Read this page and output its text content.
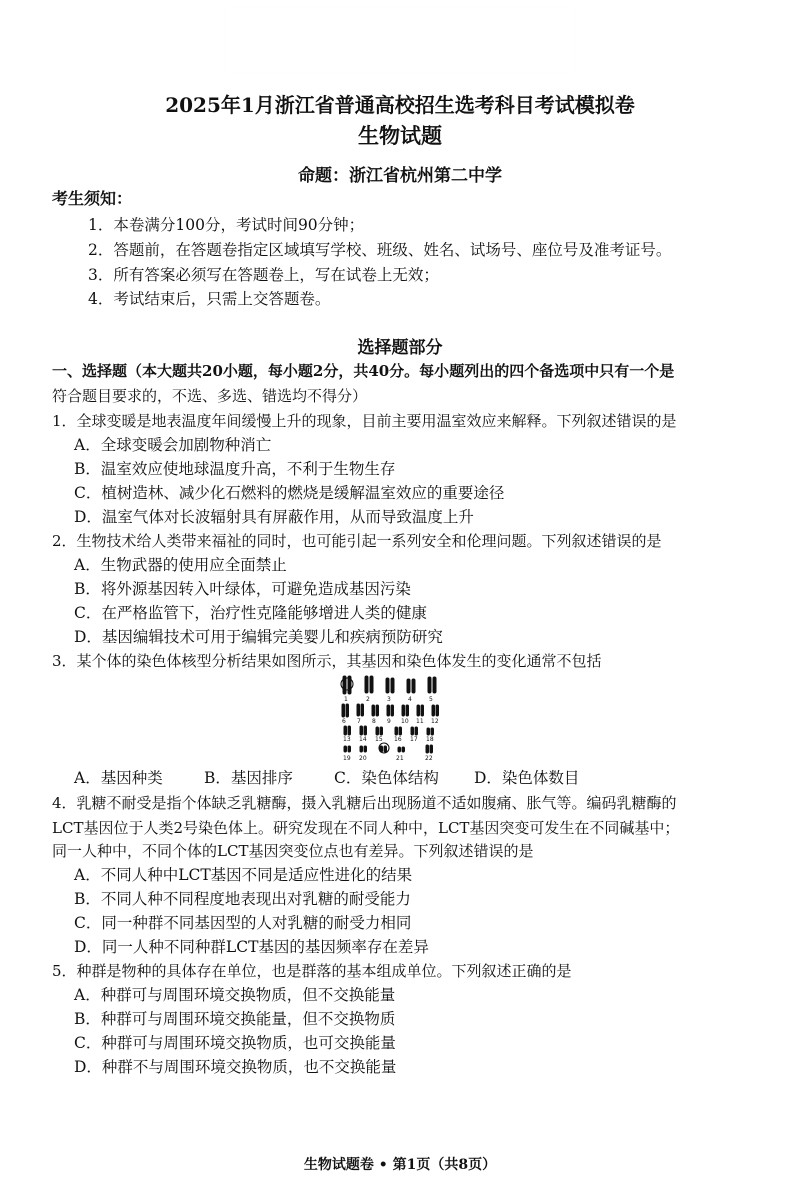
2025年1月浙江省普通高校招生选考科目考试模拟卷
生物试题
命题：浙江省杭州第二中学
考生须知：
1．本卷满分100分，考试时间90分钟；
2．答题前，在答题卷指定区域填写学校、班级、姓名、试场号、座位号及准考证号。
3．所有答案必须写在答题卷上，写在试卷上无效；
4．考试结束后，只需上交答题卷。
选择题部分
一、选择题（本大题共20小题，每小题2分，共40分。每小题列出的四个备选项中只有一个是
符合题目要求的，不选、多选、错选均不得分）
1．全球变暖是地表温度年间缓慢上升的现象，目前主要用温室效应来解释。下列叙述错误的是
A．全球变暖会加剧物种消亡
B．温室效应使地球温度升高，不利于生物生存
C．植树造林、减少化石燃料的燃烧是缓解温室效应的重要途径
D．温室气体对长波辐射具有屏蔽作用，从而导致温度上升
2．生物技术给人类带来福祉的同时，也可能引起一系列安全和伦理问题。下列叙述错误的是
A．生物武器的使用应全面禁止
B．将外源基因转入叶绿体，可避免造成基因污染
C．在严格监管下，治疗性克隆能够增进人类的健康
D．基因编辑技术可用于编辑完美婴儿和疾病预防研究
3．某个体的染色体核型分析结果如图所示，其基因和染色体发生的变化通常不包括
1	2	3	4	5
6 7 8 9 10 11 12
13 14 15 16 17 18
19 20	21	22
A．基因种类	B．基因排序	C．染色体结构 D．染色体数目
4．乳糖不耐受是指个体缺乏乳糖酶，摄入乳糖后出现肠道不适如腹痛、胀气等。编码乳糖酶的
LCT基因位于人类2号染色体上。研究发现在不同人种中，LCT基因突变可发生在不同碱基中；
同一人种中，不同个体的LCT基因突变位点也有差异。下列叙述错误的是
A．不同人种中LCT基因不同是适应性进化的结果
B．不同人种不同程度地表现出对乳糖的耐受能力
C．同一种群不同基因型的人对乳糖的耐受力相同
D．同一人种不同种群LCT基因的基因频率存在差异
5．种群是物种的具体存在单位，也是群落的基本组成单位。下列叙述正确的是
A．种群可与周围环境交换物质，但不交换能量
B．种群可与周围环境交换能量，但不交换物质
C．种群可与周围环境交换物质，也可交换能量
D．种群不与周围环境交换物质，也不交换能量
生物试题卷 • 第1页（共8页）
